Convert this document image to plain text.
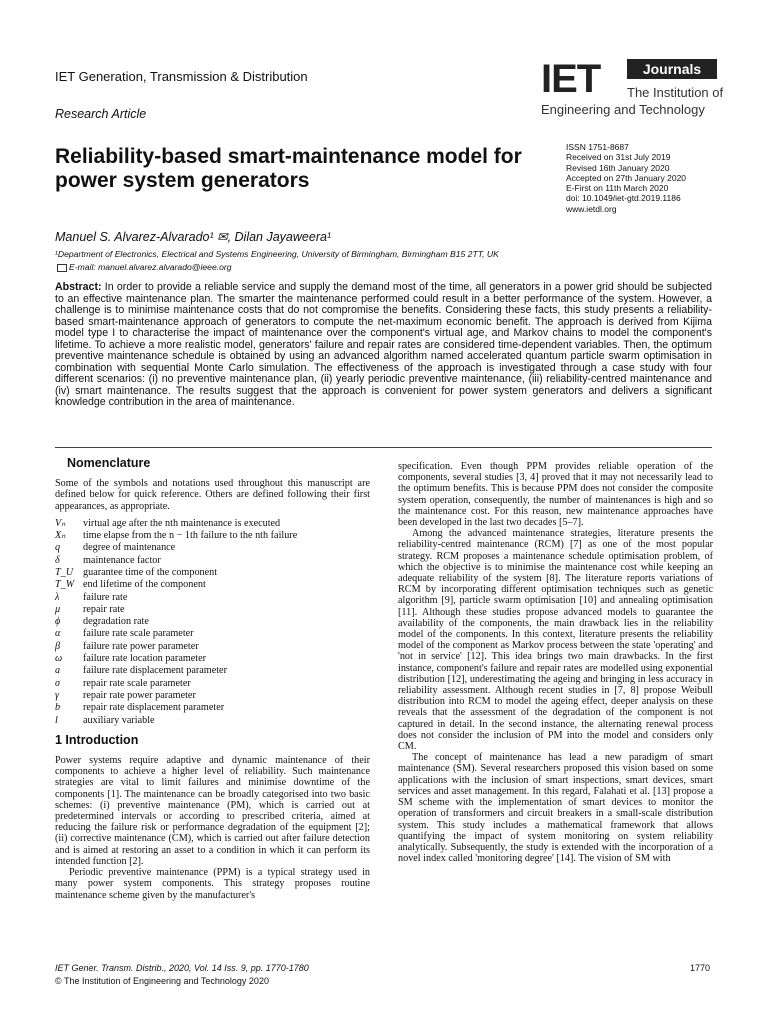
IET Generation, Transmission & Distribution
Research Article
IET	Journals
The Institution of
Engineering and Technology
Reliability-based smart-maintenance model for power system generators
ISSN 1751-8687
Received on 31st July 2019
Revised 16th January 2020
Accepted on 27th January 2020
E-First on 11th March 2020
doi: 10.1049/iet-gtd.2019.1186
www.ietdl.org
Manuel S. Alvarez-Alvarado¹ ✉, Dilan Jayaweera¹
¹Department of Electronics, Electrical and Systems Engineering, University of Birmingham, Birmingham B15 2TT, UK
E-mail: manuel.alvarez.alvarado@ieee.org
Abstract: In order to provide a reliable service and supply the demand most of the time, all generators in a power grid should be subjected to an effective maintenance plan. The smarter the maintenance performed could result in a better performance of the system. However, a challenge is to minimise maintenance costs that do not compromise the benefits. Considering these facts, this study presents a reliability-based smart-maintenance approach of generators to compute the net-maximum economic benefit. The approach is derived from Kijima model type I to characterise the impact of maintenance over the component's virtual age, and Markov chains to model the component's lifetime. To achieve a more realistic model, generators' failure and repair rates are considered time-dependent variables. Then, the optimum preventive maintenance schedule is obtained by using an advanced algorithm named accelerated quantum particle swarm optimisation in combination with sequential Monte Carlo simulation. The effectiveness of the approach is investigated through a case study with four different scenarios: (i) no preventive maintenance plan, (ii) yearly periodic preventive maintenance, (iii) reliability-centred maintenance and (iv) smart maintenance. The results suggest that the approach is convenient for power system generators and delivers a significant knowledge contribution in the area of maintenance.
Nomenclature

Some of the symbols and notations used throughout this manuscript are defined below for quick reference. Others are defined following their first appearances, as appropriate.

Vₙ	virtual age after the nth maintenance is executed
Xₙ	time elapse from the n − 1th failure to the nth failure
q	degree of maintenance
δ	maintenance factor
T_U guarantee time of the component
T_W end lifetime of the component
λ	failure rate
μ	repair rate
ϕ	degradation rate
α	failure rate scale parameter
β	failure rate power parameter
ω	failure rate location parameter
a	failure rate displacement parameter
σ	repair rate scale parameter
γ	repair rate power parameter
b	repair rate displacement parameter
l	auxiliary variable
1 Introduction

Power systems require adaptive and dynamic maintenance of their components to achieve a higher level of reliability. Such maintenance strategies are vital to limit failures and minimise downtime of the components [1]. The maintenance can be broadly categorised into two basic schemes: (i) preventive maintenance (PM), which is carried out at predetermined intervals or according to prescribed criteria, aimed at reducing the failure risk or performance degradation of the equipment [2]; (ii) corrective maintenance (CM), which is carried out after failure detection and is aimed at restoring an asset to a condition in which it can perform its intended function [2].

Periodic preventive maintenance (PPM) is a typical strategy used in many power system components. This strategy proposes routine maintenance scheme given by the manufacturer's

specification. Even though PPM provides reliable operation of the components, several studies [3, 4] proved that it may not necessarily lead to the optimum benefits. This is because PPM does not consider the composite system operation, consequently, the number of maintenances is high and so the maintenance cost. For this reason, new maintenance approaches have been developed in the last two decades [5–7].

Among the advanced maintenance strategies, literature presents the reliability-centred maintenance (RCM) [7] as one of the most popular strategy. RCM proposes a maintenance schedule optimisation problem, of which the objective is to minimise the maintenance cost while keeping an adequate reliability of the system [8]. The literature reports variations of RCM by incorporating different optimisation techniques such as genetic algorithm [9], particle swarm optimisation [10] and annealing optimisation [11]. Although these studies propose advanced models to guarantee the availability of the components, the main drawback lies in the reliability model of the components. In this context, literature presents the reliability model of the component as Markov process between the state 'operating' and 'not in service' [12]. This idea brings two main drawbacks. In the first instance, component's failure and repair rates are modelled using exponential distribution [12], underestimating the ageing and bringing in less accuracy in reliability assessment. Although recent studies in [7, 8] propose Weibull distribution into RCM to model the ageing effect, deeper analysis on these reveals that the assessment of the degradation of the component is not captured in detail. In the second instance, the alternating renewal process does not consider the inclusion of PM into the model and considers only CM.

The concept of maintenance has lead a new paradigm of smart maintenance (SM). Several researchers proposed this vision based on some applications with the inclusion of smart inspections, smart devices, smart services and asset management. In this regard, Falahati et al. [13] propose a SM scheme with the implementation of smart devices to monitor the operation of transformers and circuit breakers in a small-scale distribution system. This study includes a mathematical framework that allows quantifying the impact of system monitoring on system reliability analytically. Subsequently, the study is extended with the incorporation of a novel index called 'monitoring degree' [14]. The vision of SM with

IET Gener. Transm. Distrib., 2020, Vol. 14 Iss. 9, pp. 1770-1780
© The Institution of Engineering and Technology 2020
1770
